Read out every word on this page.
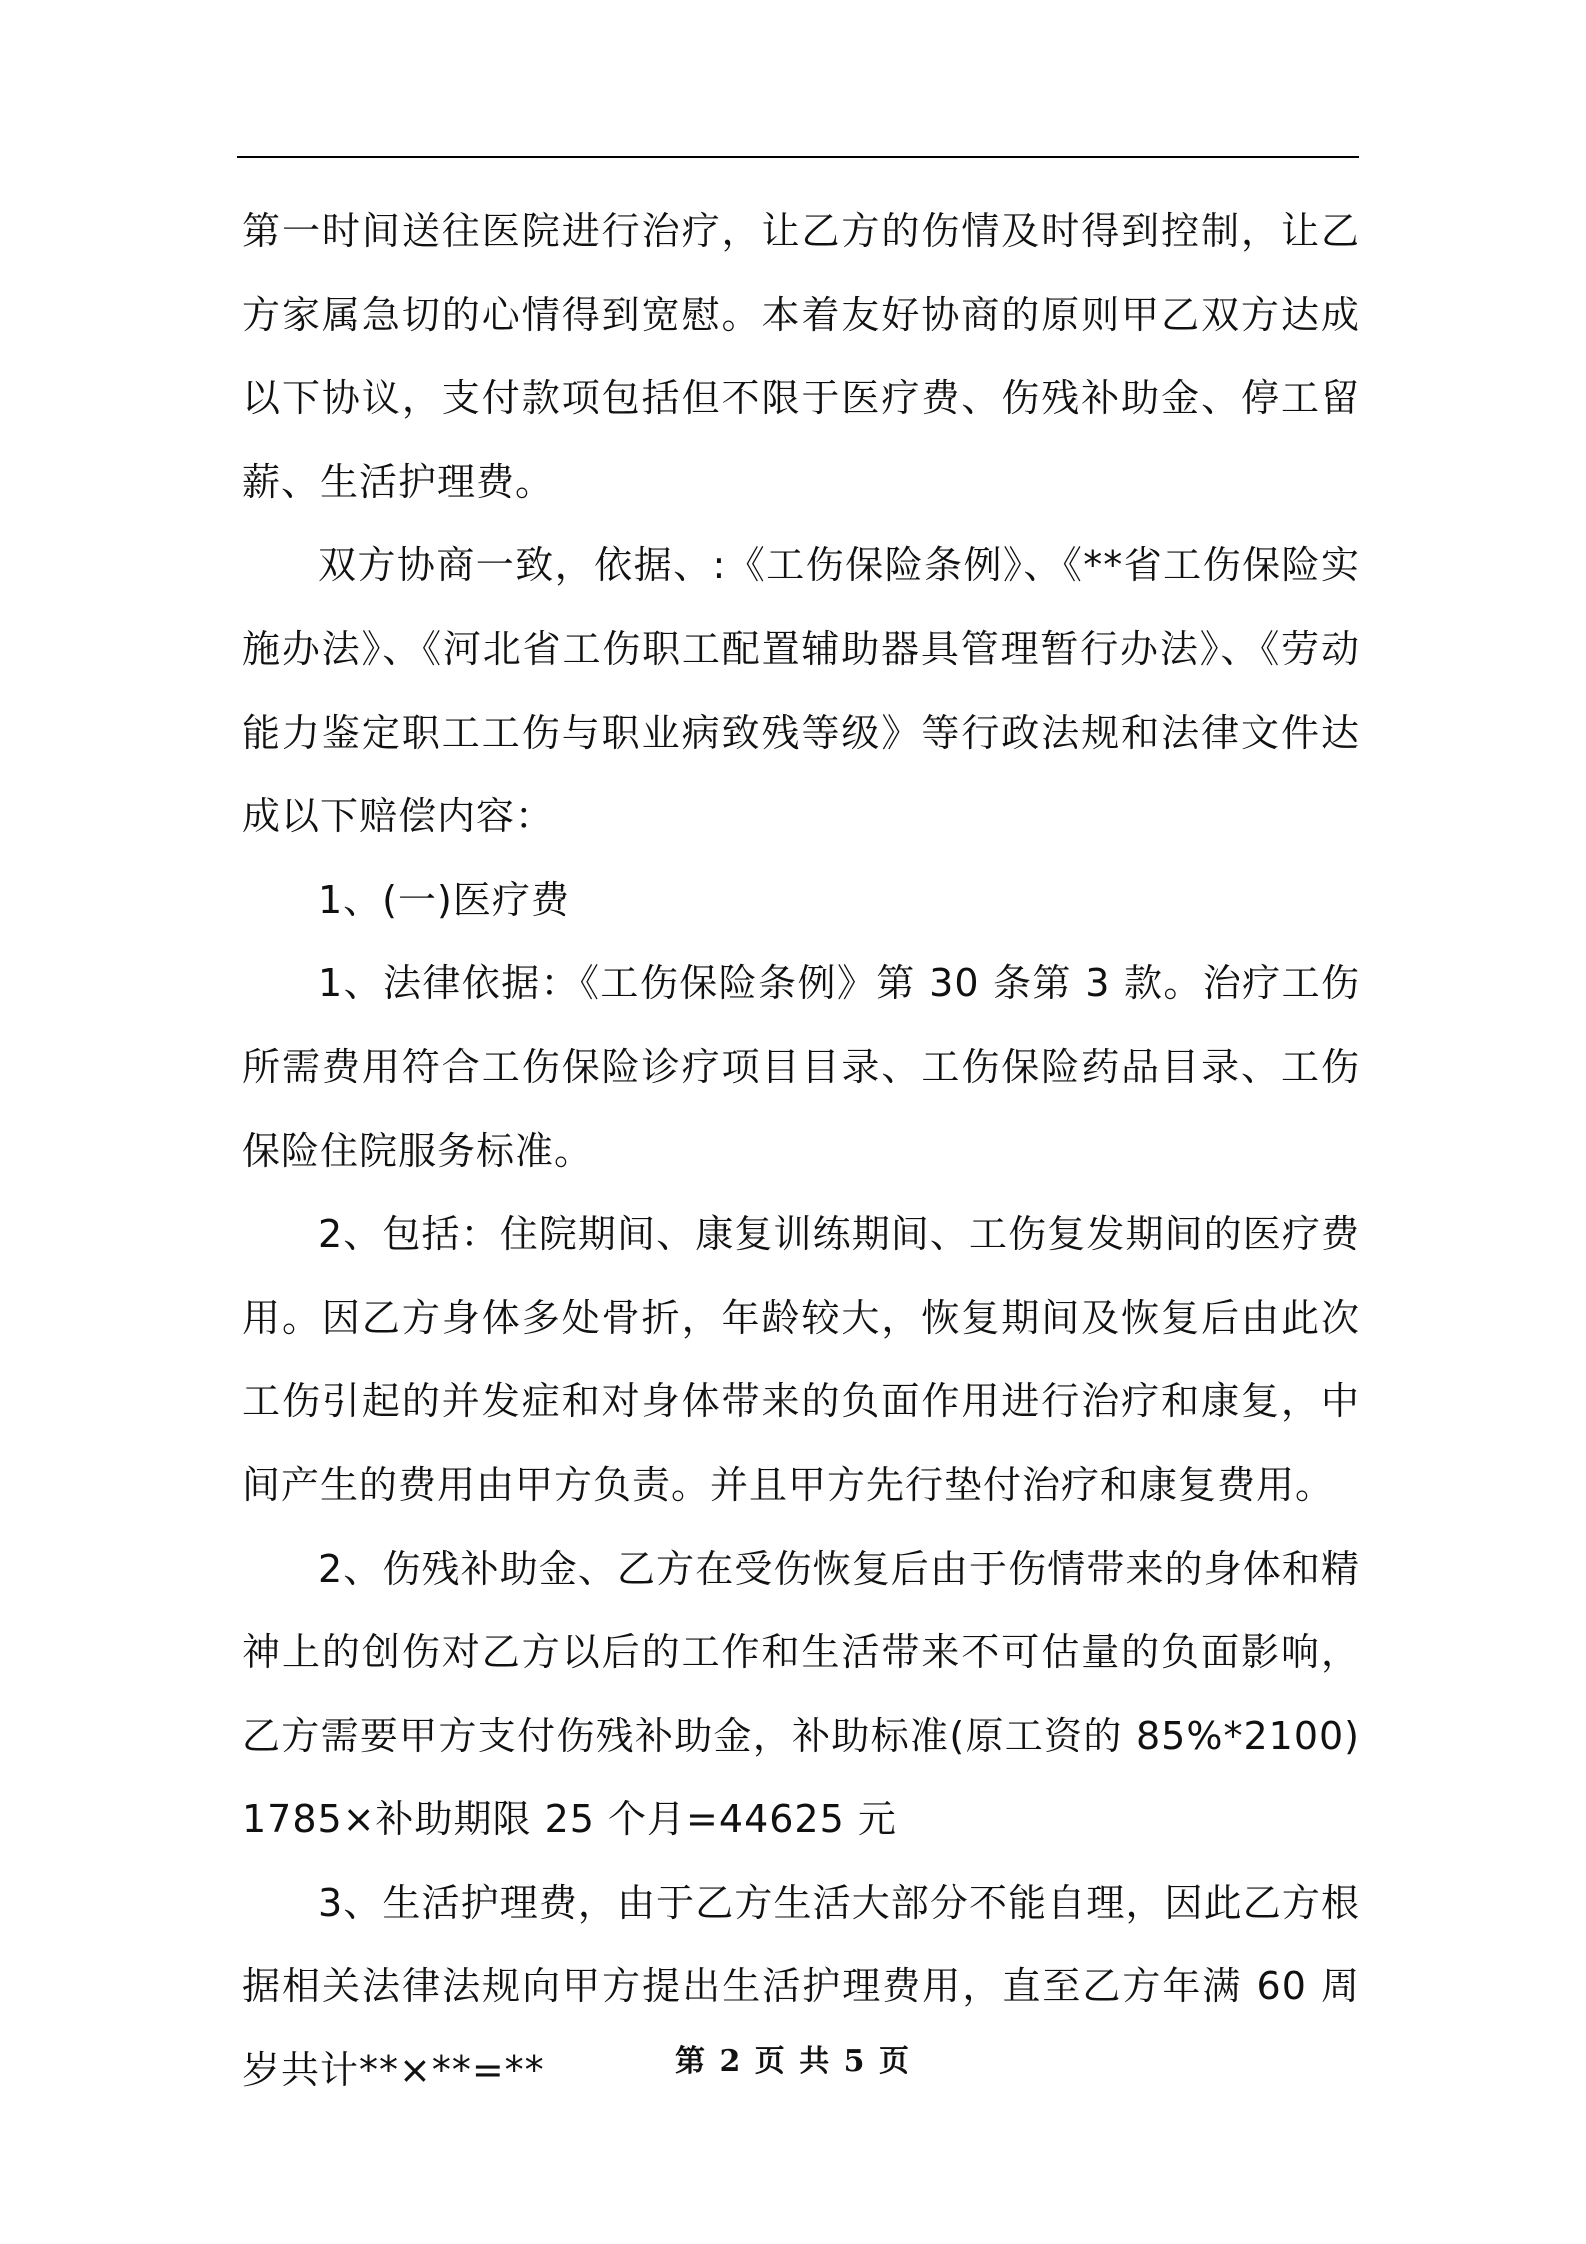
第一时间送往医院进行治疗，让乙方的伤情及时得到控制，让乙方家属急切的心情得到宽慰。本着友好协商的原则甲乙双方达成以下协议，支付款项包括但不限于医疗费、伤残补助金、停工留薪、生活护理费。

双方协商一致，依据、:《工伤保险条例》、《**省工伤保险实施办法》、《河北省工伤职工配置辅助器具管理暂行办法》、《劳动能力鉴定职工工伤与职业病致残等级》等行政法规和法律文件达成以下赔偿内容：

1、(一)医疗费

1、法律依据：《工伤保险条例》第 30 条第 3 款。治疗工伤所需费用符合工伤保险诊疗项目目录、工伤保险药品目录、工伤保险住院服务标准。

2、包括：住院期间、康复训练期间、工伤复发期间的医疗费用。因乙方身体多处骨折，年龄较大，恢复期间及恢复后由此次工伤引起的并发症和对身体带来的负面作用进行治疗和康复，中间产生的费用由甲方负责。并且甲方先行垫付治疗和康复费用。

2、伤残补助金、乙方在受伤恢复后由于伤情带来的身体和精神上的创伤对乙方以后的工作和生活带来不可估量的负面影响，乙方需要甲方支付伤残补助金，补助标准(原工资的 85%*2100)1785×补助期限 25 个月=44625 元

3、生活护理费，由于乙方生活大部分不能自理，因此乙方根据相关法律法规向甲方提出生活护理费用，直至乙方年满 60 周岁共计**×**=**	第 2 页 共 5 页
